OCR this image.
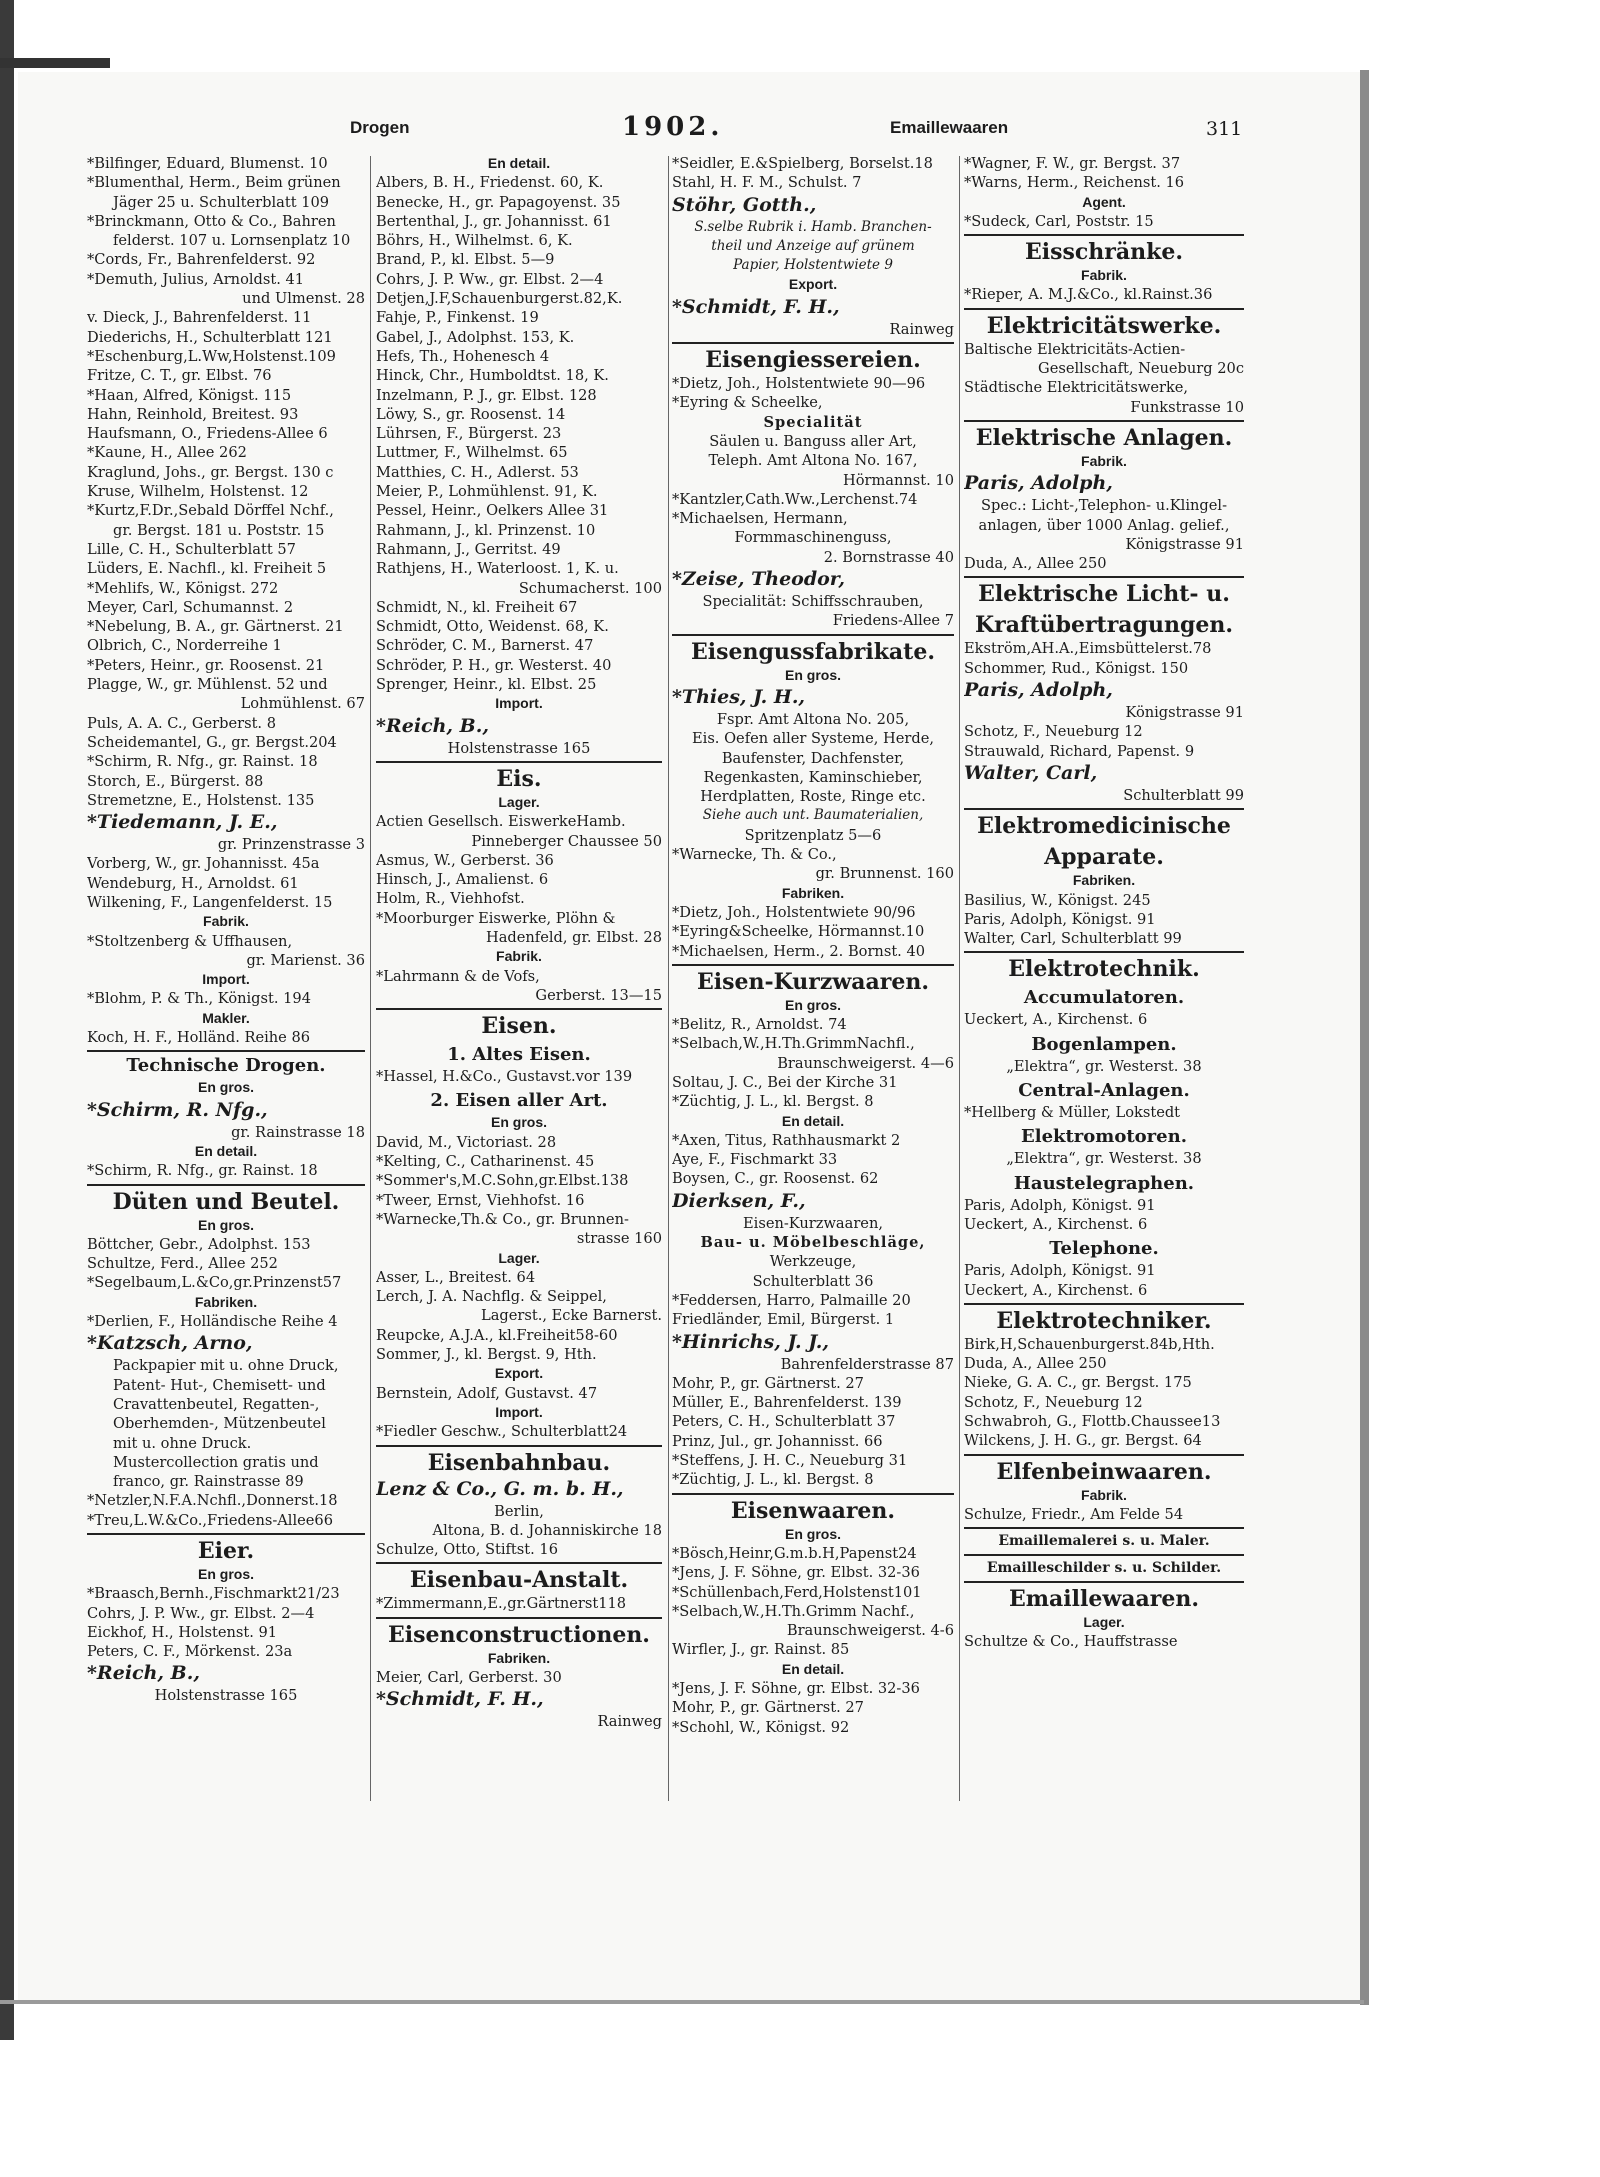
Drogen	1902.	Emaillewaaren	311
*Bilfinger, Eduard, Blumenst. 10
*Blumenthal, Herm., Beim grünen
Jäger 25 u. Schulterblatt 109
*Brinckmann, Otto & Co., Bahren
felderst. 107 u. Lornsenplatz 10
*Cords, Fr., Bahrenfelderst. 92
*Demuth, Julius, Arnoldst. 41
und Ulmenst. 28
v. Dieck, J., Bahrenfelderst. 11
Diederichs, H., Schulterblatt 121
*Eschenburg,L.Ww,Holstenst.109
Fritze, C. T., gr. Elbst. 76
*Haan, Alfred, Königst. 115
Hahn, Reinhold, Breitest. 93
Haufsmann, O., Friedens-Allee 6
*Kaune, H., Allee 262
Kraglund, Johs., gr. Bergst. 130 c
Kruse, Wilhelm, Holstenst. 12
*Kurtz,F.Dr.,Sebald Dörffel Nchf.,
gr. Bergst. 181 u. Poststr. 15
Lille, C. H., Schulterblatt 57
Lüders, E. Nachfl., kl. Freiheit 5
*Mehlifs, W., Königst. 272
Meyer, Carl, Schumannst. 2
*Nebelung, B. A., gr. Gärtnerst. 21
Olbrich, C., Norderreihe 1
*Peters, Heinr., gr. Roosenst. 21
Plagge, W., gr. Mühlenst. 52 und
Lohmühlenst. 67
Puls, A. A. C., Gerberst. 8
Scheidemantel, G., gr. Bergst.204
*Schirm, R. Nfg., gr. Rainst. 18
Storch, E., Bürgerst. 88
Stremetzne, E., Holstenst. 135
*Tiedemann, J. E.,
gr. Prinzenstrasse 3
Vorberg, W., gr. Johannisst. 45a
Wendeburg, H., Arnoldst. 61
Wilkening, F., Langenfelderst. 15
Fabrik.
*Stoltzenberg & Uffhausen,
gr. Marienst. 36
Import.
*Blohm, P. & Th., Königst. 194
Makler.
Koch, H. F., Holländ. Reihe 86
Technische Drogen.
En gros.
*Schirm, R. Nfg.,
gr. Rainstrasse 18
En detail.
*Schirm, R. Nfg., gr. Rainst. 18
Düten und Beutel.
En gros.
Böttcher, Gebr., Adolphst. 153
Schultze, Ferd., Allee 252
*Segelbaum,L.&Co,gr.Prinzenst57
Fabriken.
*Derlien, F., Holländische Reihe 4
*Katzsch, Arno,
Packpapier mit u. ohne Druck,
Patent- Hut-, Chemisett- und
Cravattenbeutel, Regatten-,
Oberhemden-, Mützenbeutel
mit u. ohne Druck.
Mustercollection gratis und
franco, gr. Rainstrasse 89
*Netzler,N.F.A.Nchfl.,Donnerst.18
*Treu,L.W.&Co.,Friedens-Allee66
Eier.
En gros.
*Braasch,Bernh.,Fischmarkt21/23
Cohrs, J. P. Ww., gr. Elbst. 2—4
Eickhof, H., Holstenst. 91
Peters, C. F., Mörkenst. 23a
*Reich, B.,
Holstenstrasse 165
En detail.
Albers, B. H., Friedenst. 60, K.
Benecke, H., gr. Papagoyenst. 35
Bertenthal, J., gr. Johannisst. 61
Böhrs, H., Wilhelmst. 6, K.
Brand, P., kl. Elbst. 5—9
Cohrs, J. P. Ww., gr. Elbst. 2—4
Detjen,J.F,Schauenburgerst.82,K.
Fahje, P., Finkenst. 19
Gabel, J., Adolphst. 153, K.
Hefs, Th., Hohenesch 4
Hinck, Chr., Humboldtst. 18, K.
Inzelmann, P. J., gr. Elbst. 128
Löwy, S., gr. Roosenst. 14
Lührsen, F., Bürgerst. 23
Luttmer, F., Wilhelmst. 65
Matthies, C. H., Adlerst. 53
Meier, P., Lohmühlenst. 91, K.
Pessel, Heinr., Oelkers Allee 31
Rahmann, J., kl. Prinzenst. 10
Rahmann, J., Gerritst. 49
Rathjens, H., Waterloost. 1, K. u.
Schumacherst. 100
Schmidt, N., kl. Freiheit 67
Schmidt, Otto, Weidenst. 68, K.
Schröder, C. M., Barnerst. 47
Schröder, P. H., gr. Westerst. 40
Sprenger, Heinr., kl. Elbst. 25
Import.
*Reich, B.,
Holstenstrasse 165
Eis.
Lager.
Actien Gesellsch. EiswerkeHamb.
Pinneberger Chaussee 50
Asmus, W., Gerberst. 36
Hinsch, J., Amalienst. 6
Holm, R., Viehhofst.
*Moorburger Eiswerke, Plöhn &
Hadenfeld, gr. Elbst. 28
Fabrik.
*Lahrmann & de Vofs,
Gerberst. 13—15
Eisen.
1. Altes Eisen.
*Hassel, H.&Co., Gustavst.vor 139
2. Eisen aller Art.
En gros.
David, M., Victoriast. 28
*Kelting, C., Catharinenst. 45
*Sommer's,M.C.Sohn,gr.Elbst.138
*Tweer, Ernst, Viehhofst. 16
*Warnecke,Th.& Co., gr. Brunnen-
strasse 160
Lager.
Asser, L., Breitest. 64
Lerch, J. A. Nachflg. & Seippel,
Lagerst., Ecke Barnerst.
Reupcke, A.J.A., kl.Freiheit58-60
Sommer, J., kl. Bergst. 9, Hth.
Export.
Bernstein, Adolf, Gustavst. 47
Import.
*Fiedler Geschw., Schulterblatt24
Eisenbahnbau.
Lenz & Co., G. m. b. H.,
Berlin,
Altona, B. d. Johanniskirche 18
Schulze, Otto, Stiftst. 16
Eisenbau-Anstalt.
*Zimmermann,E.,gr.Gärtnerst118
Eisenconstructionen.
Fabriken.
Meier, Carl, Gerberst. 30
*Schmidt, F. H.,
Rainweg
*Seidler, E.&Spielberg, Borselst.18
Stahl, H. F. M., Schulst. 7
Stöhr, Gotth.,
S.selbe Rubrik i. Hamb. Branchen-
theil und Anzeige auf grünem
Papier, Holstentwiete 9
Export.
*Schmidt, F. H.,
Rainweg
Eisengiessereien.
*Dietz, Joh., Holstentwiete 90—96
*Eyring & Scheelke,
Specialität
Säulen u. Banguss aller Art,
Teleph. Amt Altona No. 167,
Hörmannst. 10
*Kantzler,Cath.Ww.,Lerchenst.74
*Michaelsen, Hermann,
Formmaschinenguss,
2. Bornstrasse 40
*Zeise, Theodor,
Specialität: Schiffsschrauben,
Friedens-Allee 7
Eisengussfabrikate.
En gros.
*Thies, J. H.,
Fspr. Amt Altona No. 205,
Eis. Oefen aller Systeme, Herde,
Baufenster, Dachfenster,
Regenkasten, Kaminschieber,
Herdplatten, Roste, Ringe etc.
Siehe auch unt. Baumaterialien,
Spritzenplatz 5—6
*Warnecke, Th. & Co.,
gr. Brunnenst. 160
Fabriken.
*Dietz, Joh., Holstentwiete 90/96
*Eyring&Scheelke, Hörmannst.10
*Michaelsen, Herm., 2. Bornst. 40
Eisen-Kurzwaaren.
En gros.
*Belitz, R., Arnoldst. 74
*Selbach,W.,H.Th.GrimmNachfl.,
Braunschweigerst. 4—6
Soltau, J. C., Bei der Kirche 31
*Züchtig, J. L., kl. Bergst. 8
En detail.
*Axen, Titus, Rathhausmarkt 2
Aye, F., Fischmarkt 33
Boysen, C., gr. Roosenst. 62
Dierksen, F.,
Eisen-Kurzwaaren,
Bau- u. Möbelbeschläge,
Werkzeuge,
Schulterblatt 36
*Feddersen, Harro, Palmaille 20
Friedländer, Emil, Bürgerst. 1
*Hinrichs, J. J.,
Bahrenfelderstrasse 87
Mohr, P., gr. Gärtnerst. 27
Müller, E., Bahrenfelderst. 139
Peters, C. H., Schulterblatt 37
Prinz, Jul., gr. Johannisst. 66
*Steffens, J. H. C., Neueburg 31
*Züchtig, J. L., kl. Bergst. 8
Eisenwaaren.
En gros.
*Bösch,Heinr,G.m.b.H,Papenst24
*Jens, J. F. Söhne, gr. Elbst. 32-36
*Schüllenbach,Ferd,Holstenst101
*Selbach,W.,H.Th.Grimm Nachf.,
Braunschweigerst. 4-6
Wirfler, J., gr. Rainst. 85
En detail.
*Jens, J. F. Söhne, gr. Elbst. 32-36
Mohr, P., gr. Gärtnerst. 27
*Schohl, W., Königst. 92
*Wagner, F. W., gr. Bergst. 37
*Warns, Herm., Reichenst. 16
Agent.
*Sudeck, Carl, Poststr. 15
Eisschränke.
Fabrik.
*Rieper, A. M.J.&Co., kl.Rainst.36
Elektricitätswerke.
Baltische Elektricitäts-Actien-
Gesellschaft, Neueburg 20c
Städtische Elektricitätswerke,
Funkstrasse 10
Elektrische Anlagen.
Fabrik.
Paris, Adolph,
Spec.: Licht-,Telephon- u.Klingel-
anlagen, über 1000 Anlag. gelief.,
Königstrasse 91
Duda, A., Allee 250
Elektrische Licht- u.
Kraftübertragungen.
Ekström,AH.A.,Eimsbüttelerst.78
Schommer, Rud., Königst. 150
Paris, Adolph,
Königstrasse 91
Schotz, F., Neueburg 12
Strauwald, Richard, Papenst. 9
Walter, Carl,
Schulterblatt 99
Elektromedicinische
Apparate.
Fabriken.
Basilius, W., Königst. 245
Paris, Adolph, Königst. 91
Walter, Carl, Schulterblatt 99
Elektrotechnik.
Accumulatoren.
Ueckert, A., Kirchenst. 6
Bogenlampen.
„Elektra“, gr. Westerst. 38
Central-Anlagen.
*Hellberg & Müller, Lokstedt
Elektromotoren.
„Elektra“, gr. Westerst. 38
Haustelegraphen.
Paris, Adolph, Königst. 91
Ueckert, A., Kirchenst. 6
Telephone.
Paris, Adolph, Königst. 91
Ueckert, A., Kirchenst. 6
Elektrotechniker.
Birk,H,Schauenburgerst.84b,Hth.
Duda, A., Allee 250
Nieke, G. A. C., gr. Bergst. 175
Schotz, F., Neueburg 12
Schwabroh, G., Flottb.Chaussee13
Wilckens, J. H. G., gr. Bergst. 64
Elfenbeinwaaren.
Fabrik.
Schulze, Friedr., Am Felde 54
Emaillemalerei s. u. Maler.
Emailleschilder s. u. Schilder.
Emaillewaaren.
Lager.
Schultze & Co., Hauffstrasse
